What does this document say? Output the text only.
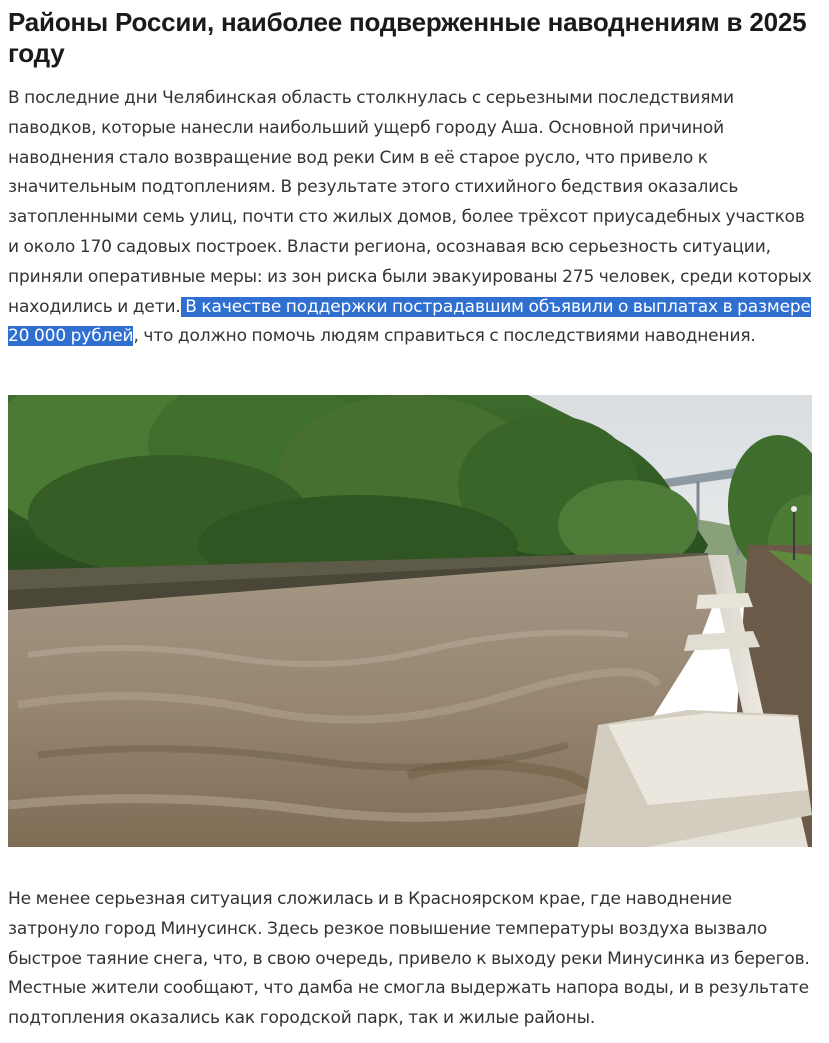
Районы России, наиболее подверженные наводнениям в 2025 году

В последние дни Челябинская область столкнулась с серьезными последствиями паводков, которые нанесли наибольший ущерб городу Аша. Основной причиной наводнения стало возвращение вод реки Сим в её старое русло, что привело к значительным подтоплениям. В результате этого стихийного бедствия оказались затопленными семь улиц, почти сто жилых домов, более трёхсот приусадебных участков и около 170 садовых построек. Власти региона, осознавая всю серьезность ситуации, приняли оперативные меры: из зон риска были эвакуированы 275 человек, среди которых находились и дети. В качестве поддержки пострадавшим объявили о выплатах в размере 20 000 рублей, что должно помочь людям справиться с последствиями наводнения.

Не менее серьезная ситуация сложилась и в Красноярском крае, где наводнение затронуло город Минусинск. Здесь резкое повышение температуры воздуха вызвало быстрое таяние снега, что, в свою очередь, привело к выходу реки Минусинка из берегов. Местные жители сообщают, что дамба не смогла выдержать напора воды, и в результате подтопления оказались как городской парк, так и жилые районы.
